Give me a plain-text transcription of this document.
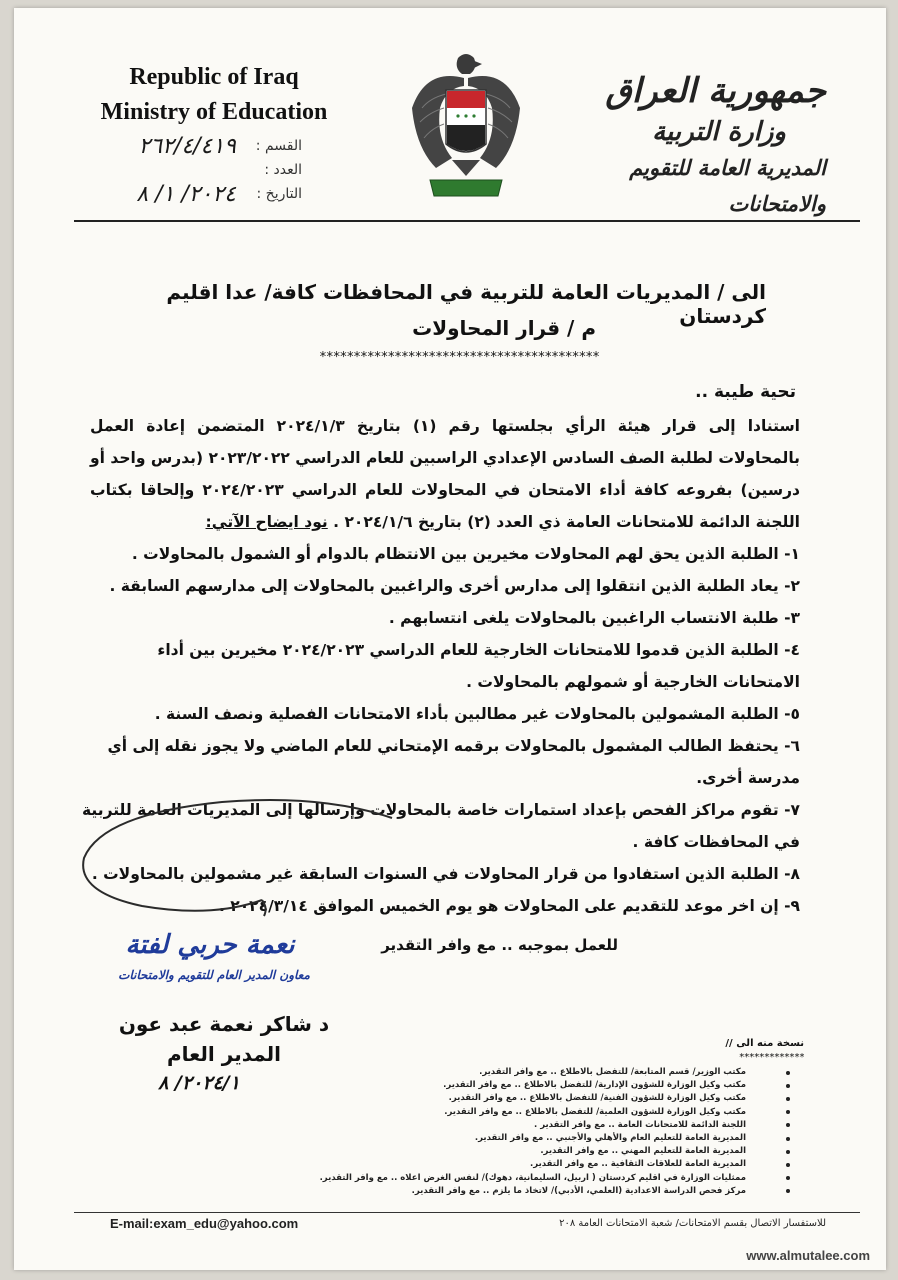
Republic of Iraq
Ministry of Education
القسم :
٢٦٢/٤/٤١٩
العدد :
التاريخ :
٢٠٢٤/ ١/ ٨
جمهورية العراق
وزارة التربية
المديرية العامة للتقويم والامتحانات
الى / المديريات العامة للتربية في المحافظات كافة/ عدا اقليم كردستان
م / قرار المحاولات
*****************************************
تحية طيبة ..
استنادا إلى قرار هيئة الرأي بجلستها رقم (١) بتاريخ ٢٠٢٤/١/٣ المتضمن إعادة العمل بالمحاولات لطلبة الصف السادس الإعدادي الراسبين للعام الدراسي ٢٠٢٣/٢٠٢٢ (بدرس واحد أو درسين) بفروعه كافة أداء الامتحان في المحاولات للعام الدراسي ٢٠٢٤/٢٠٢٣ وإلحاقا بكتاب اللجنة الدائمة للامتحانات العامة ذي العدد (٢) بتاريخ ٢٠٢٤/١/٦ . نود ايضاح الآتي:
١- الطلبة الذين يحق لهم المحاولات مخيرين بين الانتظام بالدوام أو الشمول بالمحاولات .
٢- يعاد الطلبة الذين انتقلوا إلى مدارس أخرى والراغبين بالمحاولات إلى مدارسهم السابقة .
٣- طلبة الانتساب الراغبين بالمحاولات يلغى انتسابهم .
٤- الطلبة الذين قدموا للامتحانات الخارجية للعام الدراسي ٢٠٢٤/٢٠٢٣ مخيرين بين أداء الامتحانات الخارجية أو شمولهم بالمحاولات .
٥- الطلبة المشمولين بالمحاولات غير مطالبين بأداء الامتحانات الفصلية ونصف السنة .
٦- يحتفظ الطالب المشمول بالمحاولات برقمه الإمتحاني للعام الماضي ولا يجوز نقله إلى أي مدرسة أخرى.
٧- تقوم مراكز الفحص بإعداد استمارات خاصة بالمحاولات وإرسالها إلى المديريات العامة للتربية في المحافظات كافة .
٨- الطلبة الذين استفادوا من قرار المحاولات في السنوات السابقة غير مشمولين بالمحاولات .
٩- إن اخر موعد للتقديم على المحاولات هو يوم الخميس الموافق ٢٠٢٤/٣/١٤ .
للعمل بموجبه .. مع وافر التقدير
نعمة حربي لفتة
معاون المدير العام للتقويم والامتحانات
د شاكر نعمة عبد عون
المدير العام
٢٠٢٤/١/ ٨
نسخة منه الى //
*************
مكتب الوزير/ قسم المتابعة/ للتفضل بالاطلاع .. مع وافر التقدير.
مكتب وكيل الوزارة للشؤون الإدارية/ للتفضل بالاطلاع .. مع وافر التقدير.
مكتب وكيل الوزارة للشؤون الفنية/ للتفضل بالاطلاع .. مع وافر التقدير.
مكتب وكيل الوزارة للشؤون العلمية/ للتفضل بالاطلاع .. مع وافر التقدير.
اللجنة الدائمة للامتحانات العامة .. مع وافر التقدير .
المديرية العامة للتعليم العام والأهلي والأجنبي .. مع وافر التقدير.
المديرية العامة للتعليم المهني .. مع وافر التقدير.
المديرية العامة للعلاقات الثقافية .. مع وافر التقدير.
ممثليات الوزارة في اقليم كردستان ( اربيل، السليمانية، دهوك)/ لنفس الغرض اعلاه .. مع وافر التقدير.
مركز فحص الدراسة الاعدادية (العلمي، الأدبي)/ لاتخاذ ما يلزم .. مع وافر التقدير.
E-mail:exam_edu@yahoo.com	للاستفسار الاتصال بقسم الامتحانات/ شعبة الامتحانات العامة ٢٠٨
www.almutalee.com
